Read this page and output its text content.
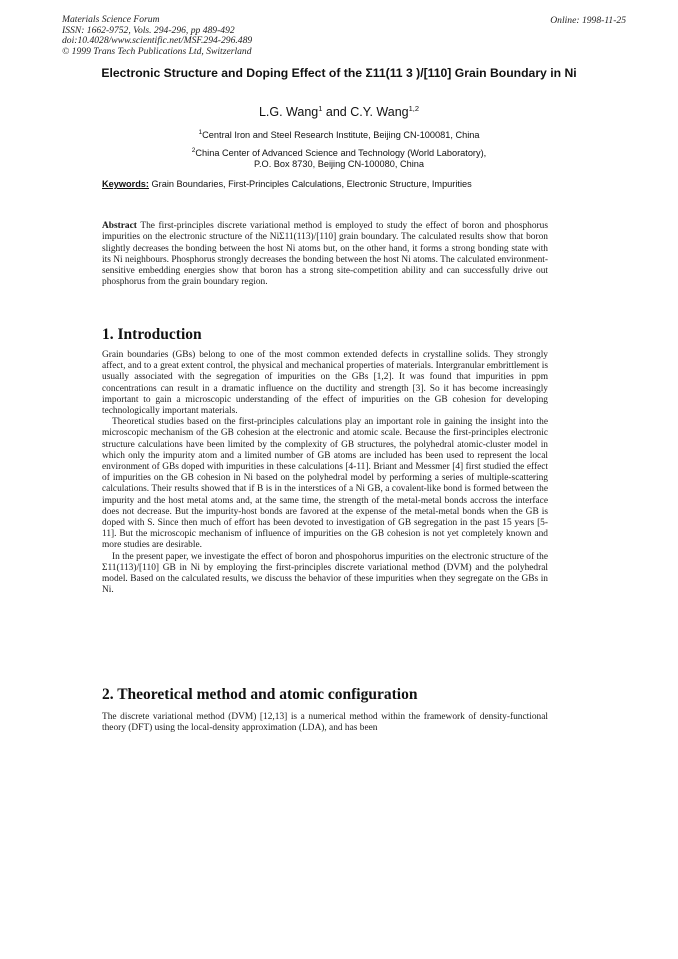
Materials Science Forum
ISSN: 1662-9752, Vols. 294-296, pp 489-492
doi:10.4028/www.scientific.net/MSF.294-296.489
© 1999 Trans Tech Publications Ltd, Switzerland
Online: 1998-11-25
Electronic Structure and Doping Effect of the Σ11(11 3 )/[110] Grain Boundary in Ni
L.G. Wang$^1$ and C.Y. Wang$^{1,2}$
$^1$Central Iron and Steel Research Institute, Beijing CN-100081, China
$^2$China Center of Advanced Science and Technology (World Laboratory),
P.O. Box 8730, Beijing CN-100080, China
Keywords: Grain Boundaries, First-Principles Calculations, Electronic Structure, Impurities
Abstract The first-principles discrete variational method is employed to study the effect of boron and phosphorus impurities on the electronic structure of the NiΣ11(113)/[110] grain boundary. The calculated results show that boron slightly decreases the bonding between the host Ni atoms but, on the other hand, it forms a strong bonding state with its Ni neighbours. Phosphorus strongly decreases the bonding between the host Ni atoms. The calculated environment-sensitive embedding energies show that boron has a strong site-competition ability and can successfully drive out phosphorus from the grain boundary region.
1. Introduction

Grain boundaries (GBs) belong to one of the most common extended defects in crystalline solids. They strongly affect, and to a great extent control, the physical and mechanical properties of materials. Intergranular embrittlement is usually associated with the segregation of impurities on the GBs [1,2]. It was found that impurities in ppm concentrations can result in a dramatic influence on the ductility and strength [3]. So it has become increasingly important to gain a microscopic understanding of the effect of impurities on the GB cohesion for developing technologically important materials.

Theoretical studies based on the first-principles calculations play an important role in gaining the insight into the microscopic mechanism of the GB cohesion at the electronic and atomic scale. Because the first-principles electronic structure calculations have been limited by the complexity of GB structures, the polyhedral atomic-cluster model in which only the impurity atom and a limited number of GB atoms are included has been used to represent the local environment of GBs doped with impurities in these calculations [4-11]. Briant and Messmer [4] first studied the effect of impurities on the GB cohesion in Ni based on the polyhedral model by performing a series of multiple-scattering calculations. Their results showed that if B is in the interstices of a Ni GB, a covalent-like bond is formed between the impurity and the host metal atoms and, at the same time, the strength of the metal-metal bonds accross the interface does not decrease. But the impurity-host bonds are favored at the expense of the metal-metal bonds when the GB is doped with S. Since then much of effort has been devoted to investigation of GB segregation in the past 15 years [5-11]. But the microscopic mechanism of influence of impurities on the GB cohesion is not yet completely known and more studies are desirable.

In the present paper, we investigate the effect of boron and phospohorus impurities on the electronic structure of the Σ11(113)/[110] GB in Ni by employing the first-principles discrete variational method (DVM) and the polyhedral model. Based on the calculated results, we discuss the behavior of these impurities when they segregate on the GBs in Ni.

2. Theoretical method and atomic configuration

The discrete variational method (DVM) [12,13] is a numerical method within the framework of density-functional theory (DFT) using the local-density approximation (LDA), and has been
